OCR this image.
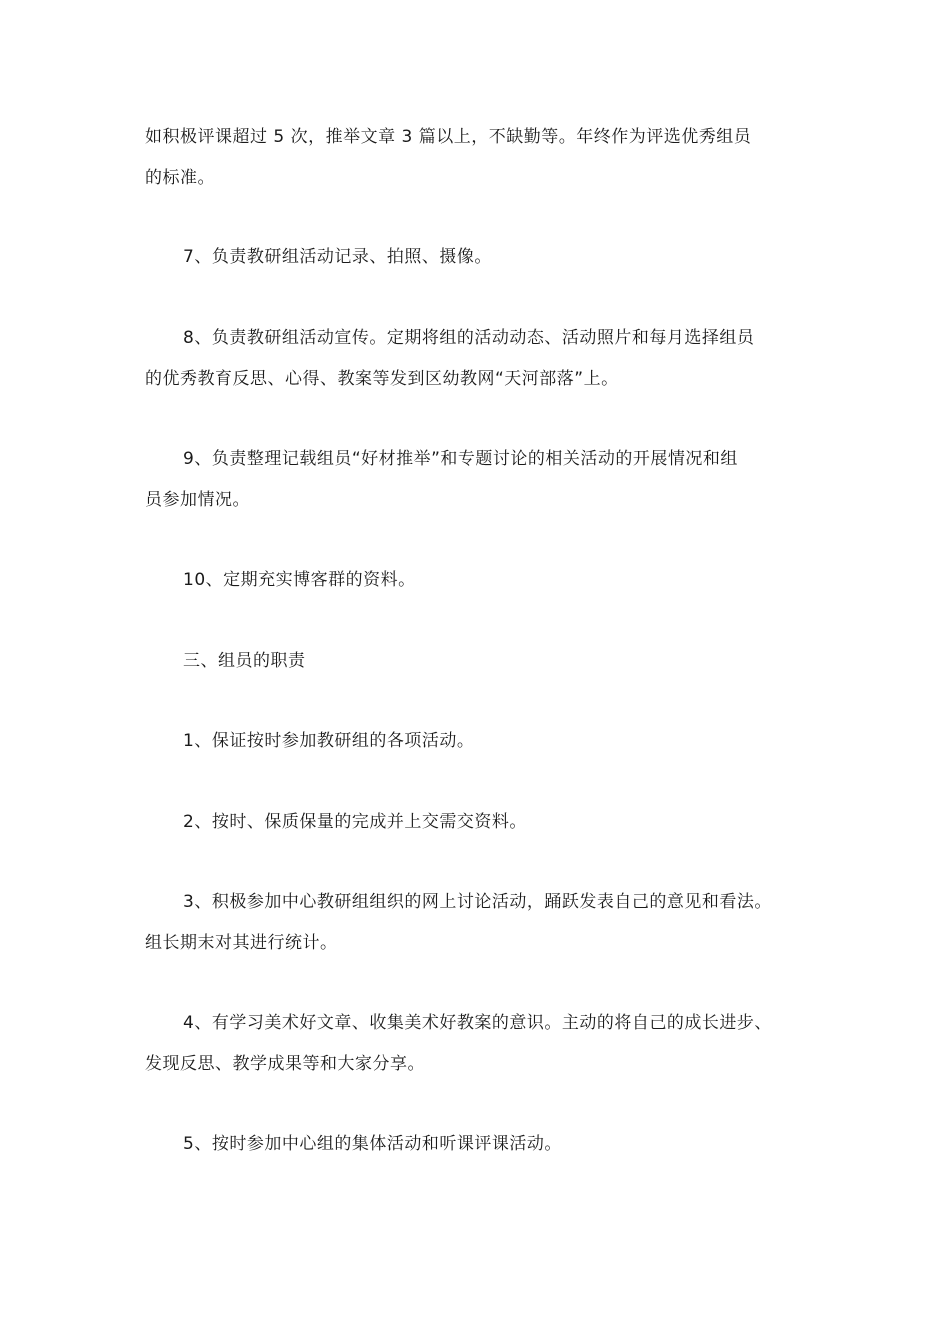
如积极评课超过 5 次，推举文章 3 篇以上，不缺勤等。年终作为评选优秀组员
的标准。
7、负责教研组活动记录、拍照、摄像。
8、负责教研组活动宣传。定期将组的活动动态、活动照片和每月选择组员
的优秀教育反思、心得、教案等发到区幼教网“天河部落”上。
9、负责整理记载组员“好材推举”和专题讨论的相关活动的开展情况和组
员参加情况。
10、定期充实博客群的资料。
三、组员的职责
1、保证按时参加教研组的各项活动。
2、按时、保质保量的完成并上交需交资料。
3、积极参加中心教研组组织的网上讨论活动，踊跃发表自己的意见和看法。
组长期末对其进行统计。
4、有学习美术好文章、收集美术好教案的意识。主动的将自己的成长进步、
发现反思、教学成果等和大家分享。
5、按时参加中心组的集体活动和听课评课活动。
